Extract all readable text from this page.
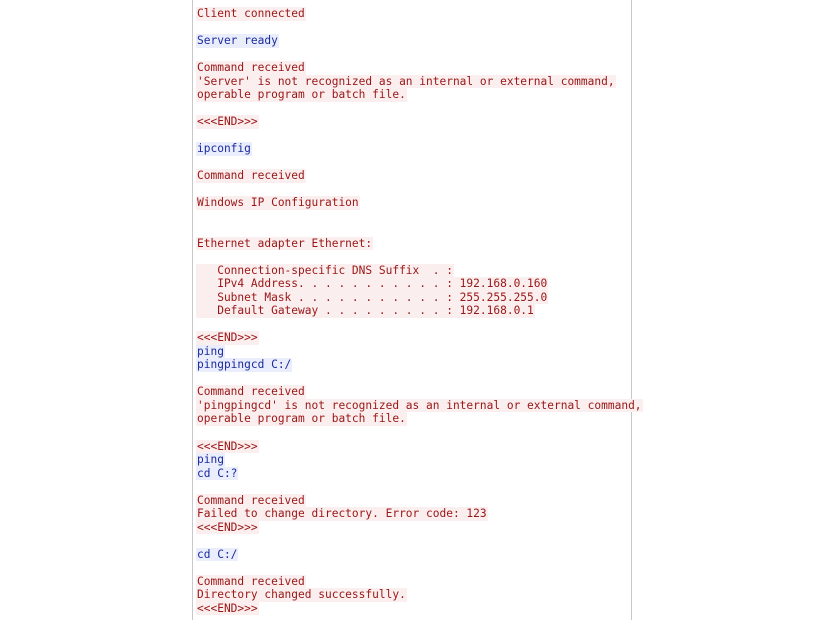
Client connected
Server ready
Command received
'Server' is not recognized as an internal or external command,
operable program or batch file.
<<<END>>>
ipconfig
Command received
Windows IP Configuration
Ethernet adapter Ethernet:
Connection-specific DNS Suffix  . :
IPv4 Address. . . . . . . . . . . : 192.168.0.160
Subnet Mask . . . . . . . . . . . : 255.255.255.0
Default Gateway . . . . . . . . . : 192.168.0.1
<<<END>>>
ping
pingpingcd C:/
Command received
'pingpingcd' is not recognized as an internal or external command,
operable program or batch file.
<<<END>>>
ping
cd C:?
Command received
Failed to change directory. Error code: 123
<<<END>>>
cd C:/
Command received
Directory changed successfully.
<<<END>>>
